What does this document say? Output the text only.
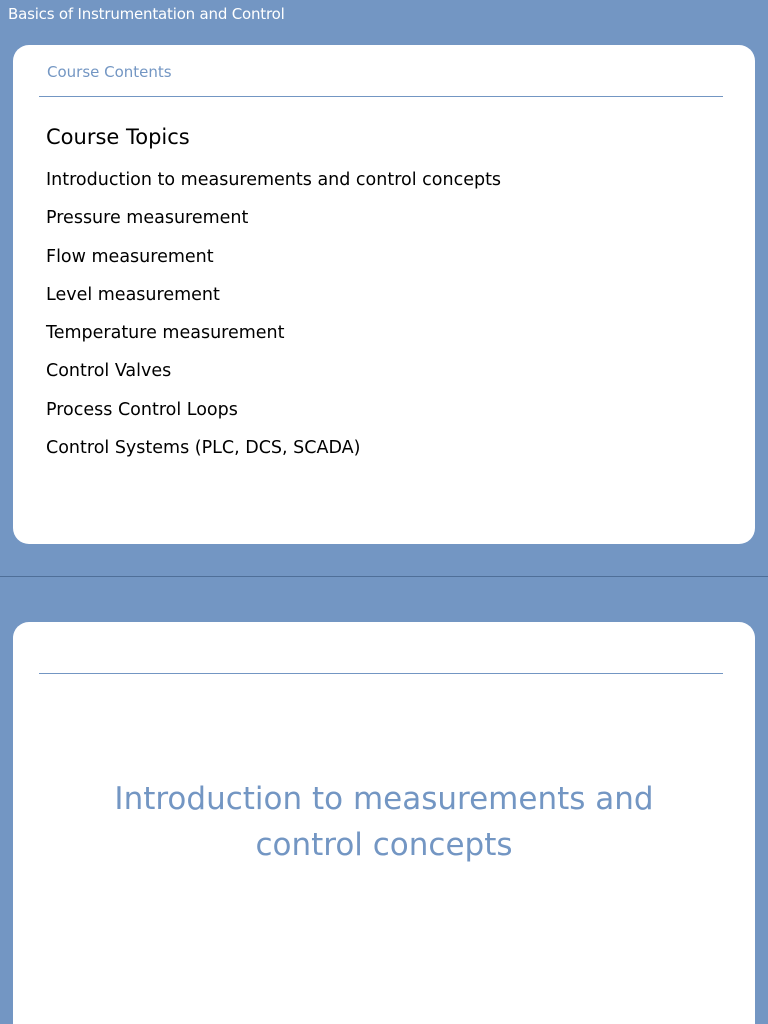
Basics of Instrumentation and Control
Course Contents
Course Topics
Introduction to measurements and control concepts
Pressure measurement
Flow measurement
Level measurement
Temperature measurement
Control Valves
Process Control Loops
Control Systems (PLC, DCS, SCADA)
Introduction to measurements and
control concepts
